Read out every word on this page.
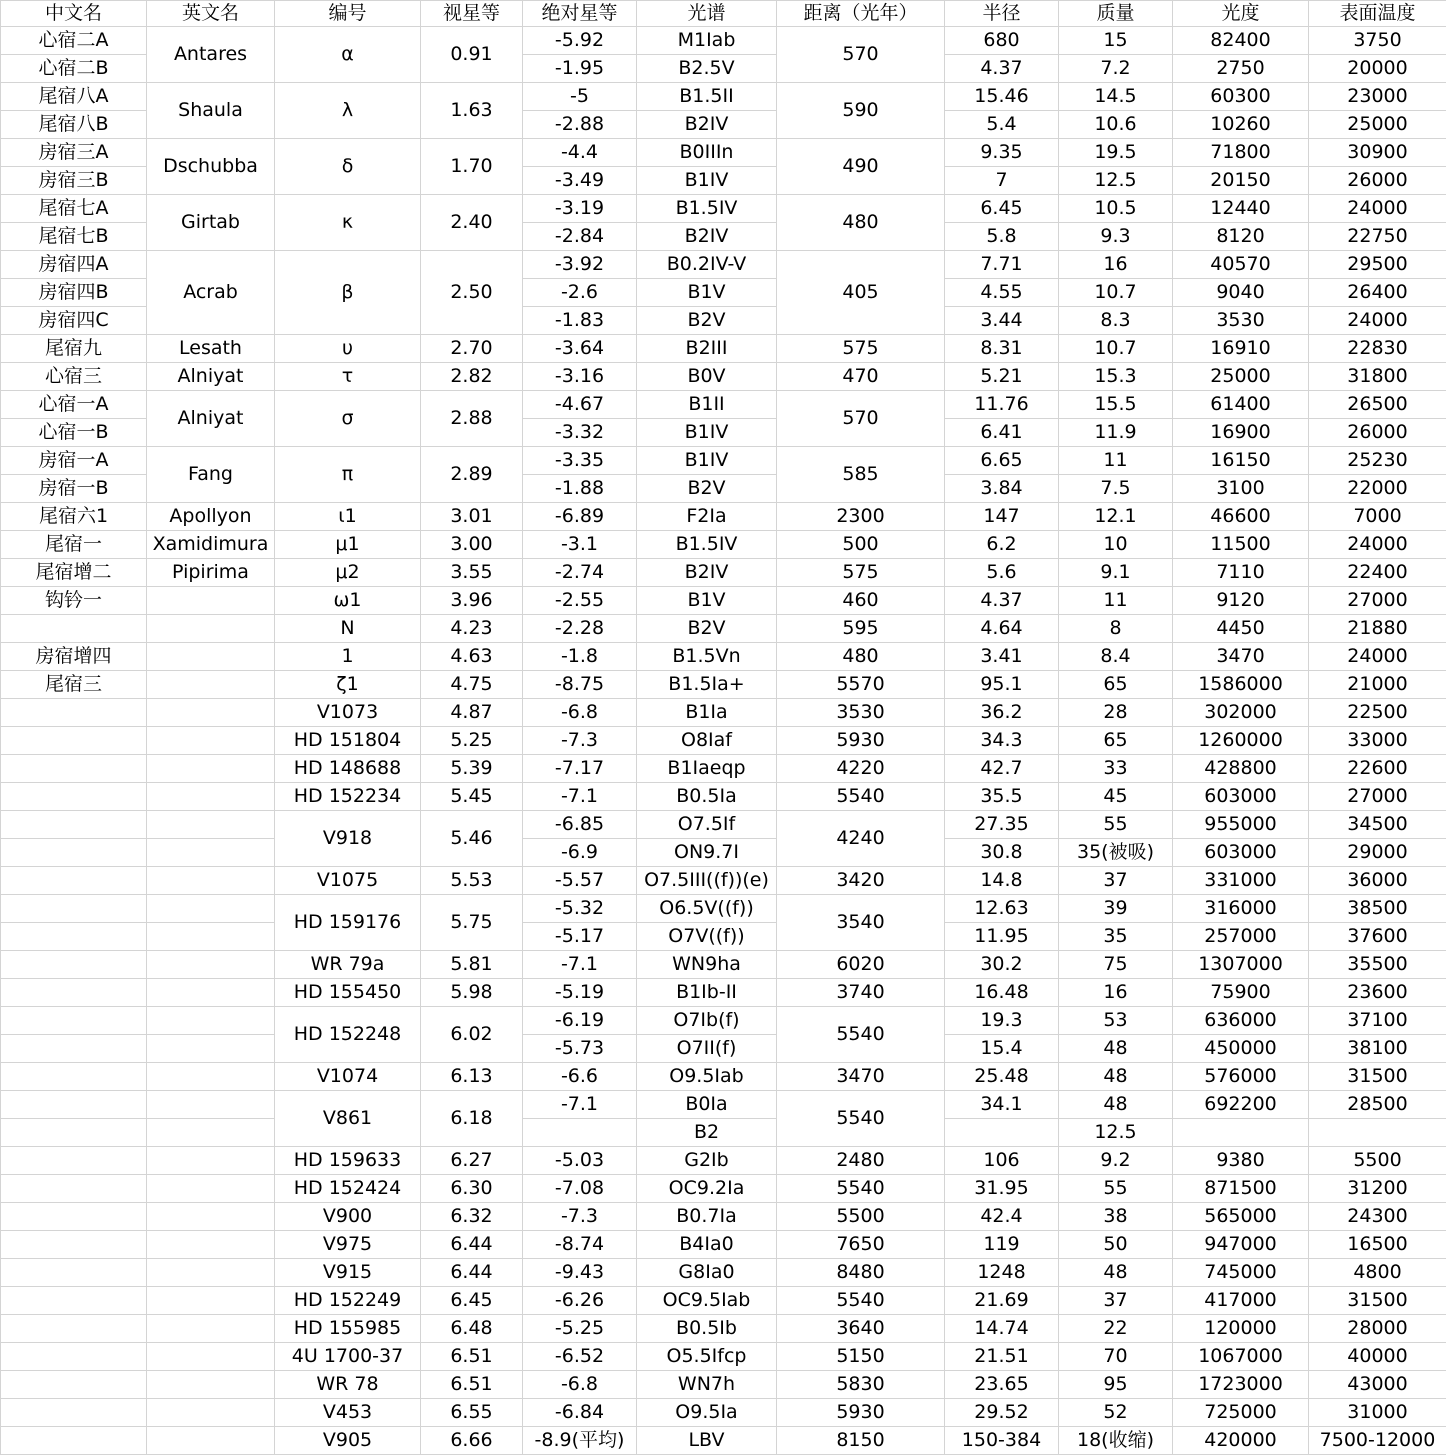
中文名	英文名	编号	视星等	绝对星等	光谱	距离（光年）	半径	质量	光度	表面温度
心宿二A	Antares	α	0.91	-5.92	M1Iab	570	680	15	82400	3750
心宿二B				-1.95	B2.5V		4.37	7.2	2750	20000
尾宿八A	Shaula	λ	1.63	-5	B1.5II	590	15.46	14.5	60300	23000
尾宿八B				-2.88	B2IV		5.4	10.6	10260	25000
房宿三A	Dschubba	δ	1.70	-4.4	B0IIIn	490	9.35	19.5	71800	30900
房宿三B				-3.49	B1IV		7	12.5	20150	26000
尾宿七A	Girtab	κ	2.40	-3.19	B1.5IV	480	6.45	10.5	12440	24000
尾宿七B				-2.84	B2IV		5.8	9.3	8120	22750
房宿四A	Acrab	β	2.50	-3.92	B0.2IV-V	405	7.71	16	40570	29500
房宿四B				-2.6	B1V		4.55	10.7	9040	26400
房宿四C				-1.83	B2V		3.44	8.3	3530	24000
尾宿九	Lesath	υ	2.70	-3.64	B2III	575	8.31	10.7	16910	22830
心宿三	Alniyat	τ	2.82	-3.16	B0V	470	5.21	15.3	25000	31800
心宿一A	Alniyat	σ	2.88	-4.67	B1II	570	11.76	15.5	61400	26500
心宿一B				-3.32	B1IV		6.41	11.9	16900	26000
房宿一A	Fang	π	2.89	-3.35	B1IV	585	6.65	11	16150	25230
房宿一B				-1.88	B2V		3.84	7.5	3100	22000
尾宿六1	Apollyon	ι1	3.01	-6.89	F2Ia	2300	147	12.1	46600	7000
尾宿一	Xamidimura	μ1	3.00	-3.1	B1.5IV	500	6.2	10	11500	24000
尾宿增二	Pipirima	μ2	3.55	-2.74	B2IV	575	5.6	9.1	7110	22400
钩钤一		ω1	3.96	-2.55	B1V	460	4.37	11	9120	27000
		N	4.23	-2.28	B2V	595	4.64	8	4450	21880
房宿增四		1	4.63	-1.8	B1.5Vn	480	3.41	8.4	3470	24000
尾宿三		ζ1	4.75	-8.75	B1.5Ia+	5570	95.1	65	1586000	21000
		V1073	4.87	-6.8	B1Ia	3530	36.2	28	302000	22500
		HD 151804	5.25	-7.3	O8Iaf	5930	34.3	65	1260000	33000
		HD 148688	5.39	-7.17	B1Iaeqp	4220	42.7	33	428800	22600
		HD 152234	5.45	-7.1	B0.5Ia	5540	35.5	45	603000	27000
		V918	5.46	-6.85	O7.5If	4240	27.35	55	955000	34500
				-6.9	ON9.7I		30.8	35(被吸)	603000	29000
		V1075	5.53	-5.57	O7.5III((f))(e)	3420	14.8	37	331000	36000
		HD 159176	5.75	-5.32	O6.5V((f))	3540	12.63	39	316000	38500
				-5.17	O7V((f))		11.95	35	257000	37600
		WR 79a	5.81	-7.1	WN9ha	6020	30.2	75	1307000	35500
		HD 155450	5.98	-5.19	B1Ib-II	3740	16.48	16	75900	23600
		HD 152248	6.02	-6.19	O7Ib(f)	5540	19.3	53	636000	37100
				-5.73	O7II(f)		15.4	48	450000	38100
		V1074	6.13	-6.6	O9.5Iab	3470	25.48	48	576000	31500
		V861	6.18	-7.1	B0Ia	5540	34.1	48	692200	28500
					B2			12.5		
		HD 159633	6.27	-5.03	G2Ib	2480	106	9.2	9380	5500
		HD 152424	6.30	-7.08	OC9.2Ia	5540	31.95	55	871500	31200
		V900	6.32	-7.3	B0.7Ia	5500	42.4	38	565000	24300
		V975	6.44	-8.74	B4Ia0	7650	119	50	947000	16500
		V915	6.44	-9.43	G8Ia0	8480	1248	48	745000	4800
		HD 152249	6.45	-6.26	OC9.5Iab	5540	21.69	37	417000	31500
		HD 155985	6.48	-5.25	B0.5Ib	3640	14.74	22	120000	28000
		4U 1700-37	6.51	-6.52	O5.5Ifcp	5150	21.51	70	1067000	40000
		WR 78	6.51	-6.8	WN7h	5830	23.65	95	1723000	43000
		V453	6.55	-6.84	O9.5Ia	5930	29.52	52	725000	31000
		V905	6.66	-8.9(平均)	LBV	8150	150-384	18(收缩)	420000	7500-12000
